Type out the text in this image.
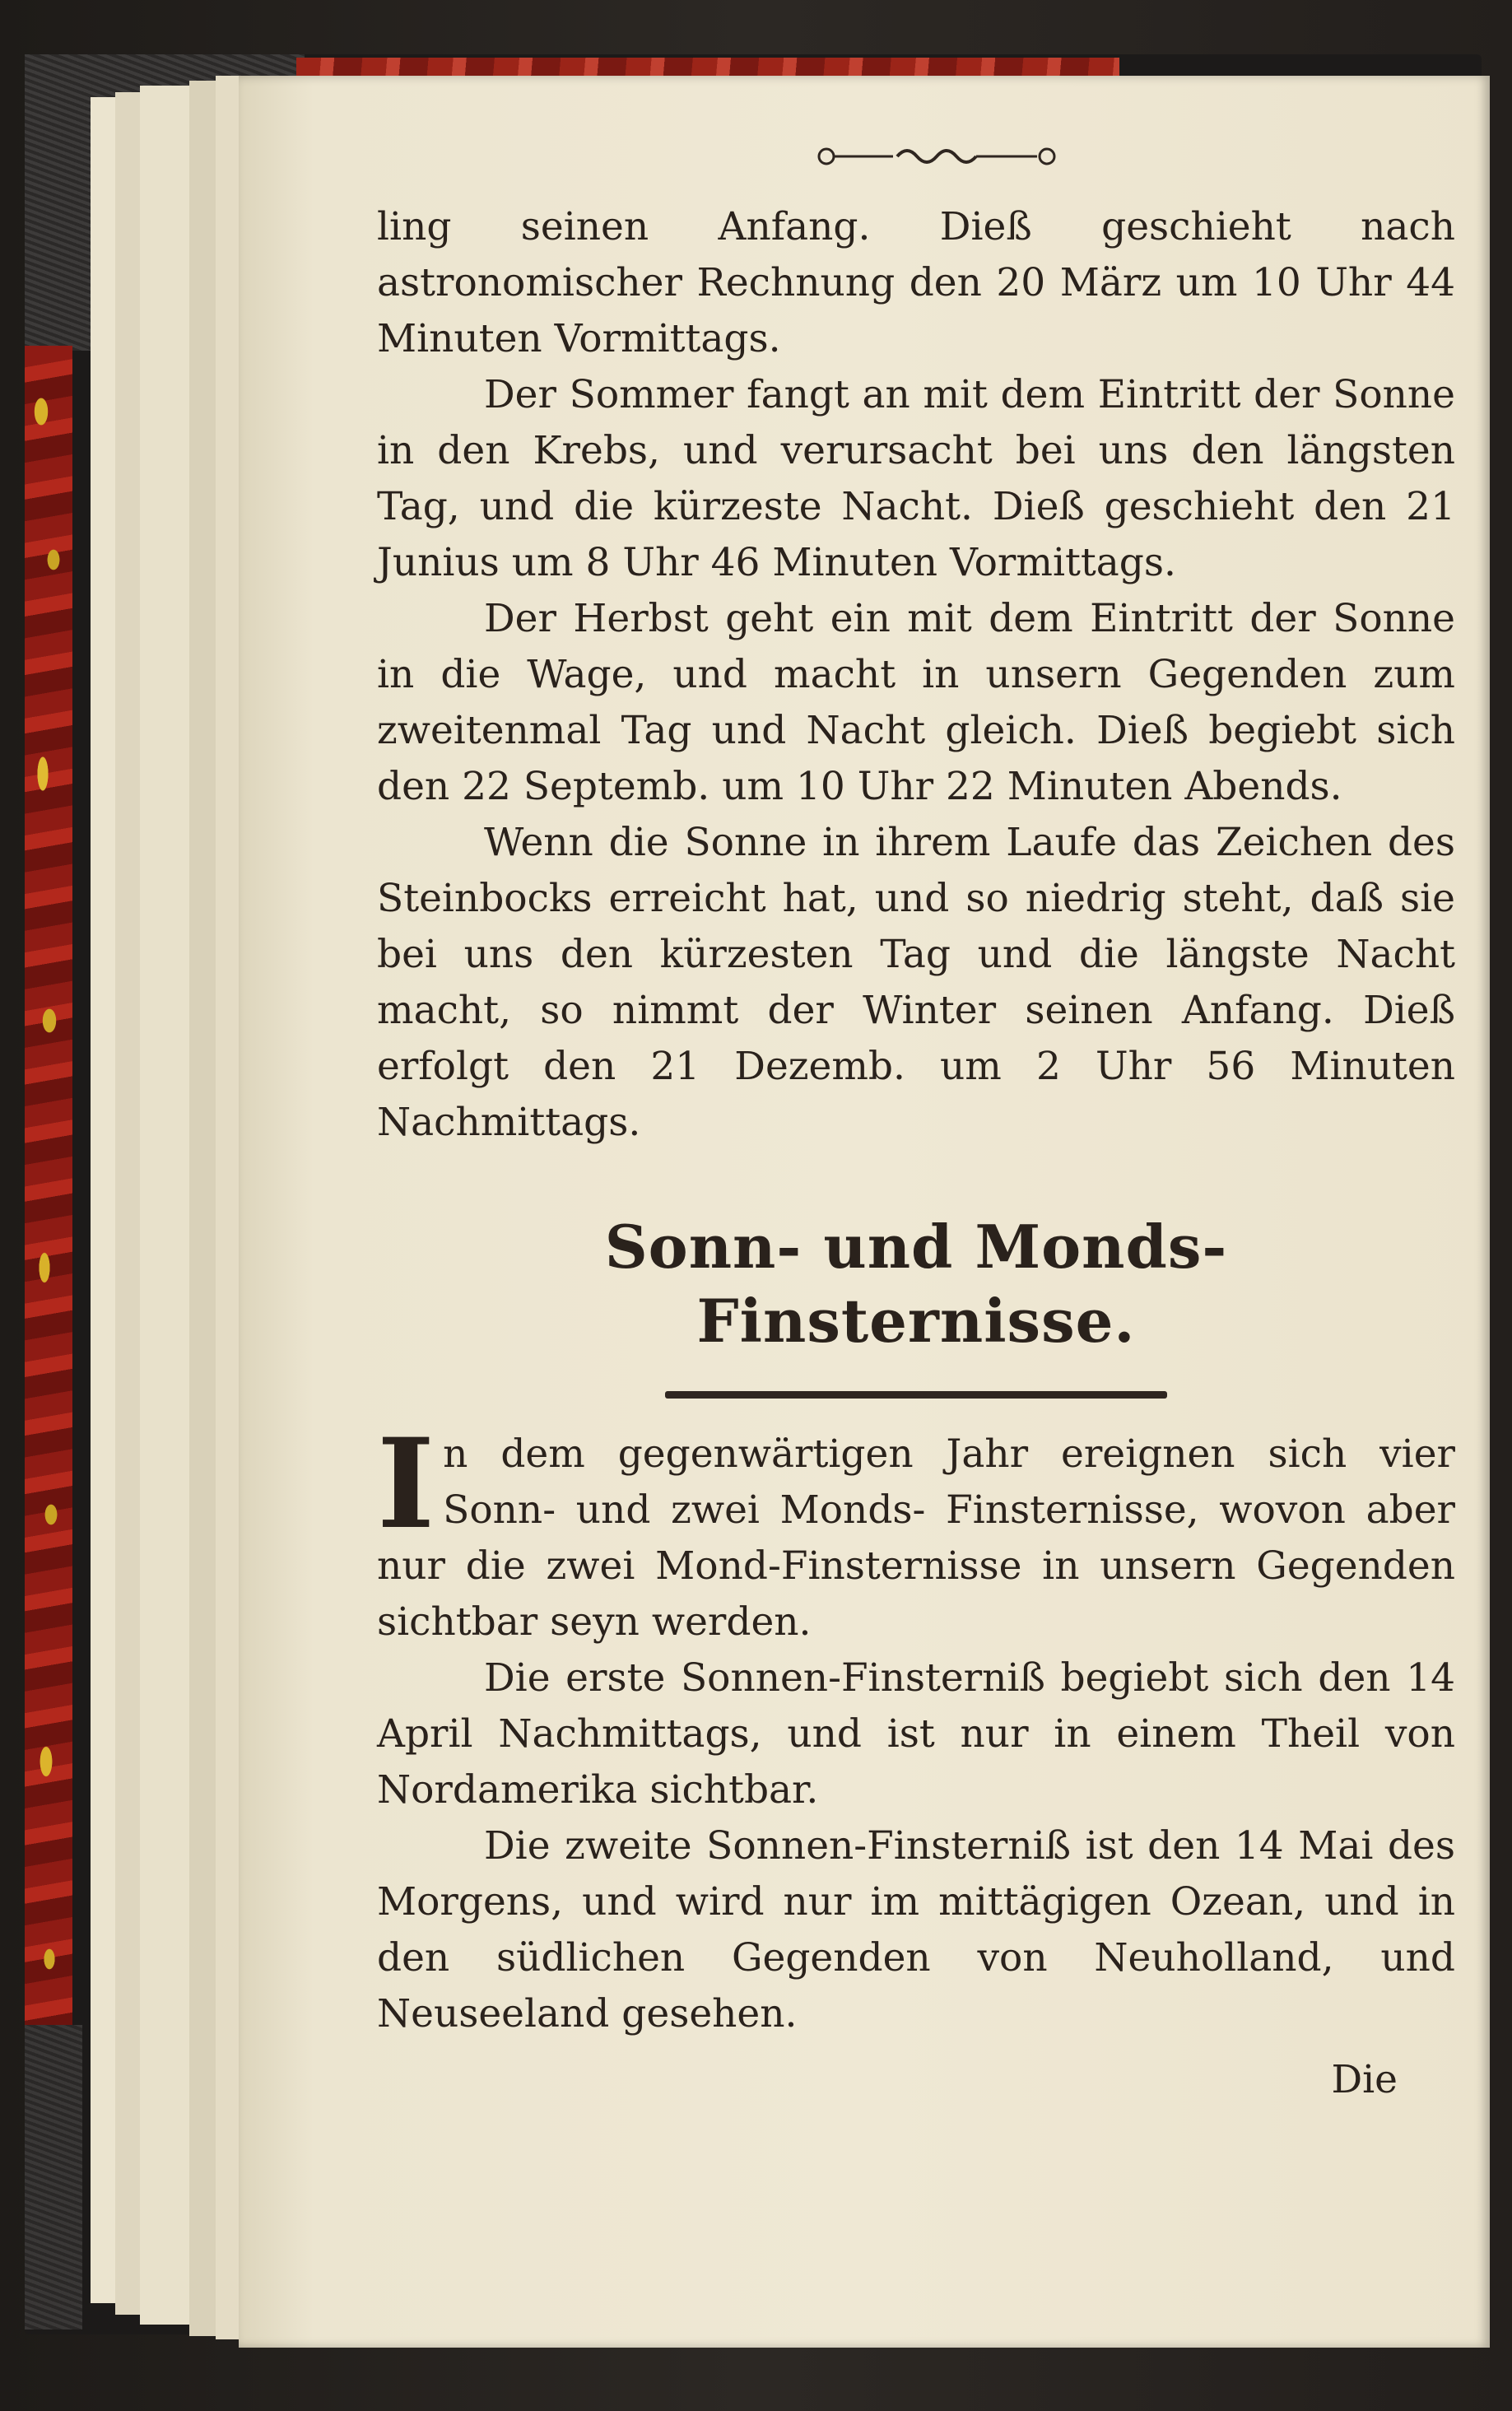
ling seinen Anfang. Dieß geschieht nach astronomischer Rechnung den 20 März um 10 Uhr 44 Minuten Vormittags.

Der Sommer fangt an mit dem Eintritt der Sonne in den Krebs, und verursacht bei uns den längsten Tag, und die kürzeste Nacht. Dieß geschieht den 21 Junius um 8 Uhr 46 Minuten Vormittags.

Der Herbst geht ein mit dem Eintritt der Sonne in die Wage, und macht in unsern Gegenden zum zweitenmal Tag und Nacht gleich. Dieß begiebt sich den 22 Septemb. um 10 Uhr 22 Minuten Abends.

Wenn die Sonne in ihrem Laufe das Zeichen des Steinbocks erreicht hat, und so niedrig steht, daß sie bei uns den kürzesten Tag und die längste Nacht macht, so nimmt der Winter seinen Anfang. Dieß erfolgt den 21 Dezemb. um 2 Uhr 56 Minuten Nachmittags.

Sonn- und Monds- Finsternisse.

In dem gegenwärtigen Jahr ereignen sich vier Sonn- und zwei Monds- Finsternisse, wovon aber nur die zwei Mond-Finsternisse in unsern Gegenden sichtbar seyn werden.

Die erste Sonnen-Finsterniß begiebt sich den 14 April Nachmittags, und ist nur in einem Theil von Nordamerika sichtbar.

Die zweite Sonnen-Finsterniß ist den 14 Mai des Morgens, und wird nur im mittägigen Ozean, und in den südlichen Gegenden von Neuholland, und Neuseeland gesehen.

Die
